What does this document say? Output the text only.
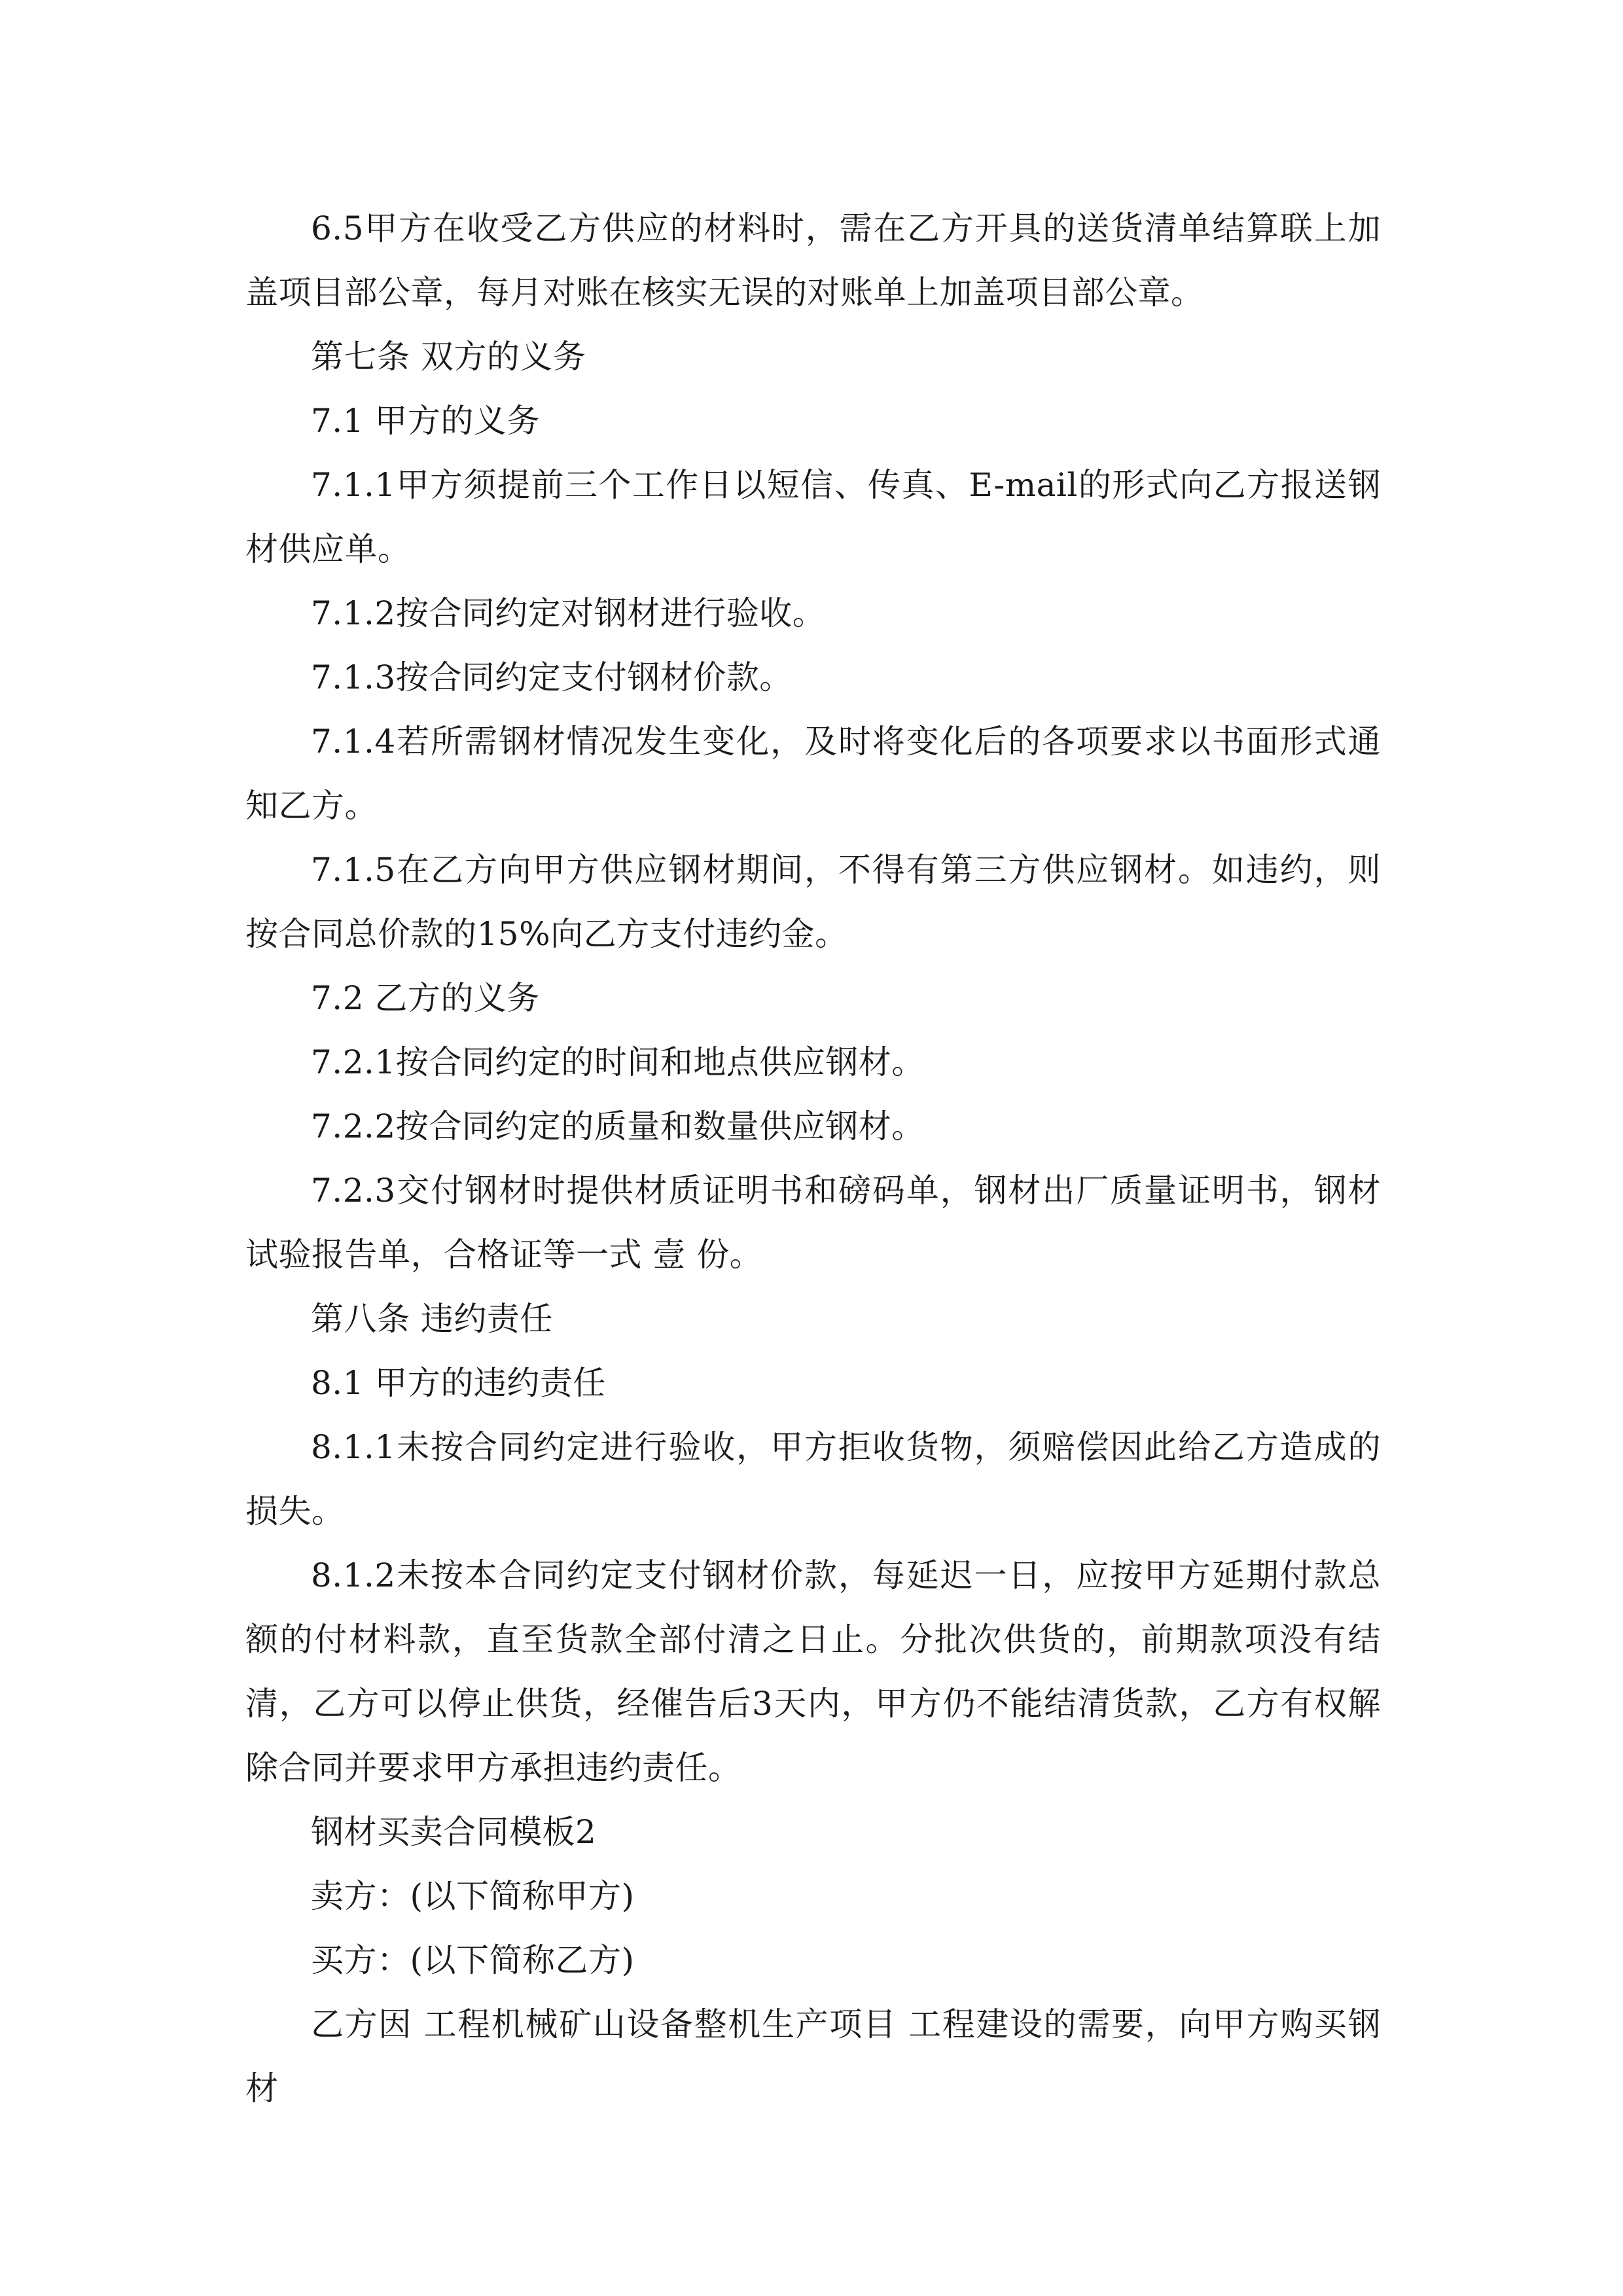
6.5甲方在收受乙方供应的材料时，需在乙方开具的送货清单结算联上加盖项目部公章，每月对账在核实无误的对账单上加盖项目部公章。

第七条 双方的义务

7.1 甲方的义务

7.1.1甲方须提前三个工作日以短信、传真、E-mail的形式向乙方报送钢材供应单。

7.1.2按合同约定对钢材进行验收。

7.1.3按合同约定支付钢材价款。

7.1.4若所需钢材情况发生变化，及时将变化后的各项要求以书面形式通知乙方。

7.1.5在乙方向甲方供应钢材期间，不得有第三方供应钢材。如违约，则按合同总价款的15%向乙方支付违约金。

7.2 乙方的义务

7.2.1按合同约定的时间和地点供应钢材。

7.2.2按合同约定的质量和数量供应钢材。

7.2.3交付钢材时提供材质证明书和磅码单，钢材出厂质量证明书，钢材试验报告单，合格证等一式 壹 份。

第八条 违约责任

8.1 甲方的违约责任

8.1.1未按合同约定进行验收，甲方拒收货物，须赔偿因此给乙方造成的损失。

8.1.2未按本合同约定支付钢材价款，每延迟一日，应按甲方延期付款总额的付材料款，直至货款全部付清之日止。分批次供货的，前期款项没有结清，乙方可以停止供货，经催告后3天内，甲方仍不能结清货款，乙方有权解除合同并要求甲方承担违约责任。

钢材买卖合同模板2

卖方：(以下简称甲方)

买方：(以下简称乙方)

乙方因 工程机械矿山设备整机生产项目 工程建设的需要，向甲方购买钢材
